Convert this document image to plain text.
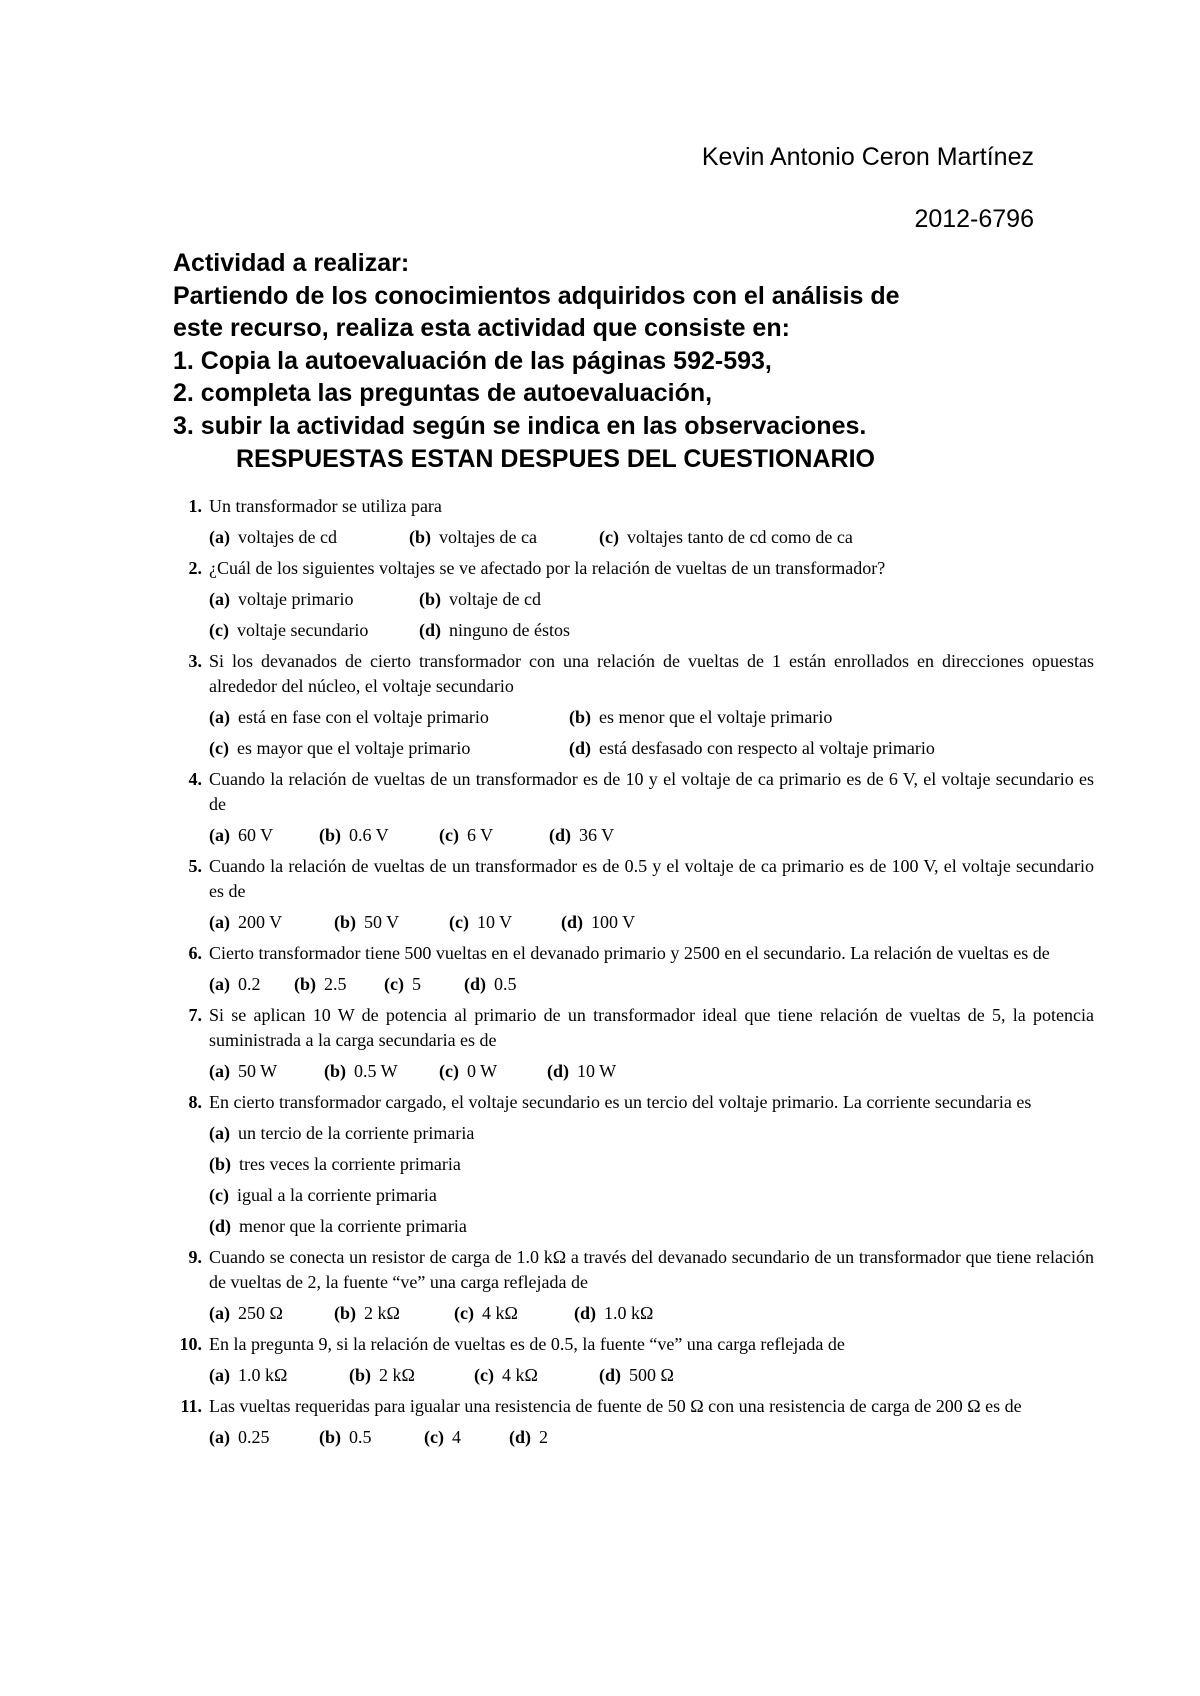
Kevin Antonio Ceron Martínez

2012-6796

Actividad a realizar:
Partiendo de los conocimientos adquiridos con el análisis de
este recurso, realiza esta actividad que consiste en:
1. Copia la autoevaluación de las páginas 592-593,
2. completa las preguntas de autoevaluación,
3. subir la actividad según se indica en las observaciones.
RESPUESTAS ESTAN DESPUES DEL CUESTIONARIO
1. Un transformador se utiliza para
(a) voltajes de cd	(b) voltajes de ca	(c) voltajes tanto de cd como de ca
2. ¿Cuál de los siguientes voltajes se ve afectado por la relación de vueltas de un transformador?
(a) voltaje primario	(b) voltaje de cd
(c) voltaje secundario	(d) ninguno de éstos
3. Si los devanados de cierto transformador con una relación de vueltas de 1 están enrollados en direcciones opuestas alrededor del núcleo, el voltaje secundario
(a) está en fase con el voltaje primario	(b) es menor que el voltaje primario
(c) es mayor que el voltaje primario	(d) está desfasado con respecto al voltaje primario
4. Cuando la relación de vueltas de un transformador es de 10 y el voltaje de ca primario es de 6 V, el voltaje secundario es de
(a) 60 V	(b) 0.6 V	(c) 6 V	(d) 36 V
5. Cuando la relación de vueltas de un transformador es de 0.5 y el voltaje de ca primario es de 100 V, el voltaje secundario es de
(a) 200 V	(b) 50 V	(c) 10 V	(d) 100 V
6. Cierto transformador tiene 500 vueltas en el devanado primario y 2500 en el secundario. La relación de vueltas es de
(a) 0.2	(b) 2.5	(c) 5	(d) 0.5
7. Si se aplican 10 W de potencia al primario de un transformador ideal que tiene relación de vueltas de 5, la potencia suministrada a la carga secundaria es de
(a) 50 W	(b) 0.5 W	(c) 0 W	(d) 10 W
8. En cierto transformador cargado, el voltaje secundario es un tercio del voltaje primario. La corriente secundaria es
(a) un tercio de la corriente primaria
(b) tres veces la corriente primaria
(c) igual a la corriente primaria
(d) menor que la corriente primaria
9. Cuando se conecta un resistor de carga de 1.0 kΩ a través del devanado secundario de un transformador que tiene relación de vueltas de 2, la fuente “ve” una carga reflejada de
(a) 250 Ω	(b) 2 kΩ	(c) 4 kΩ	(d) 1.0 kΩ
10. En la pregunta 9, si la relación de vueltas es de 0.5, la fuente “ve” una carga reflejada de
(a) 1.0 kΩ	(b) 2 kΩ	(c) 4 kΩ	(d) 500 Ω
11. Las vueltas requeridas para igualar una resistencia de fuente de 50 Ω con una resistencia de carga de 200 Ω es de
(a) 0.25	(b) 0.5	(c) 4	(d) 2
